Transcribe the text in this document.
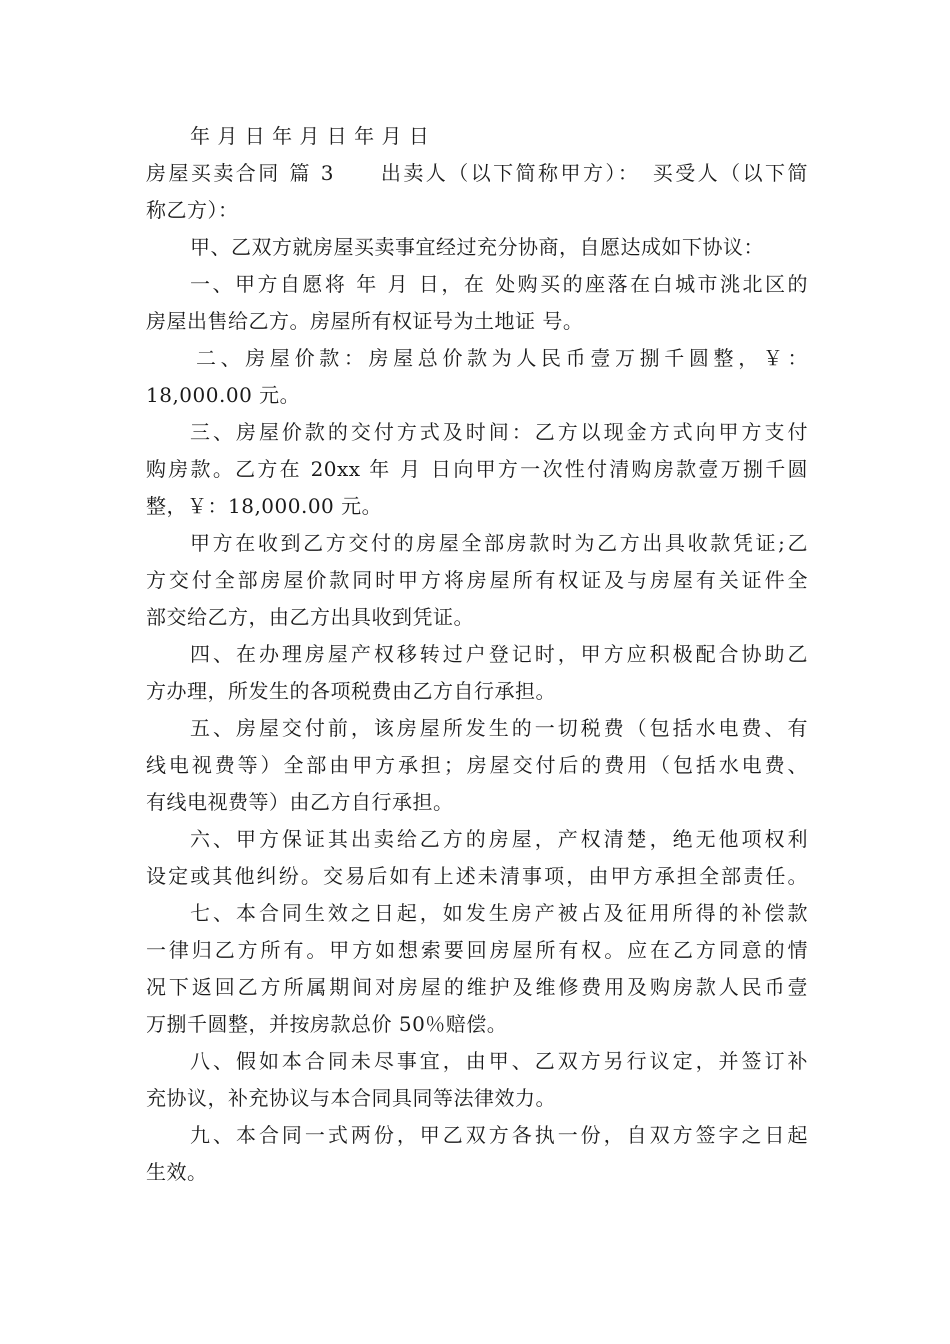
年 月 日 年 月 日 年 月 日
房屋买卖合同 篇 3　　出卖人（以下简称甲方）：　买受人（以下简
称乙方）：
甲、乙双方就房屋买卖事宜经过充分协商，自愿达成如下协议：
一、甲方自愿将 年 月 日，在 处购买的座落在白城市洮北区的
房屋出售给乙方。房屋所有权证号为土地证 号。
二、房屋价款：房屋总价款为人民币壹万捌千圆整，￥：
18,000.00 元。
三、房屋价款的交付方式及时间：乙方以现金方式向甲方支付
购房款。乙方在 20xx 年 月 日向甲方一次性付清购房款壹万捌千圆
整，￥：18,000.00 元。
甲方在收到乙方交付的房屋全部房款时为乙方出具收款凭证;乙
方交付全部房屋价款同时甲方将房屋所有权证及与房屋有关证件全
部交给乙方，由乙方出具收到凭证。
四、在办理房屋产权移转过户登记时，甲方应积极配合协助乙
方办理，所发生的各项税费由乙方自行承担。
五、房屋交付前，该房屋所发生的一切税费（包括水电费、有
线电视费等）全部由甲方承担；房屋交付后的费用（包括水电费、
有线电视费等）由乙方自行承担。
六、甲方保证其出卖给乙方的房屋，产权清楚，绝无他项权利
设定或其他纠纷。交易后如有上述未清事项，由甲方承担全部责任。
七、本合同生效之日起，如发生房产被占及征用所得的补偿款
一律归乙方所有。甲方如想索要回房屋所有权。应在乙方同意的情
况下返回乙方所属期间对房屋的维护及维修费用及购房款人民币壹
万捌千圆整，并按房款总价 50％赔偿。
八、假如本合同未尽事宜，由甲、乙双方另行议定，并签订补
充协议，补充协议与本合同具同等法律效力。
九、本合同一式两份，甲乙双方各执一份，自双方签字之日起
生效。
